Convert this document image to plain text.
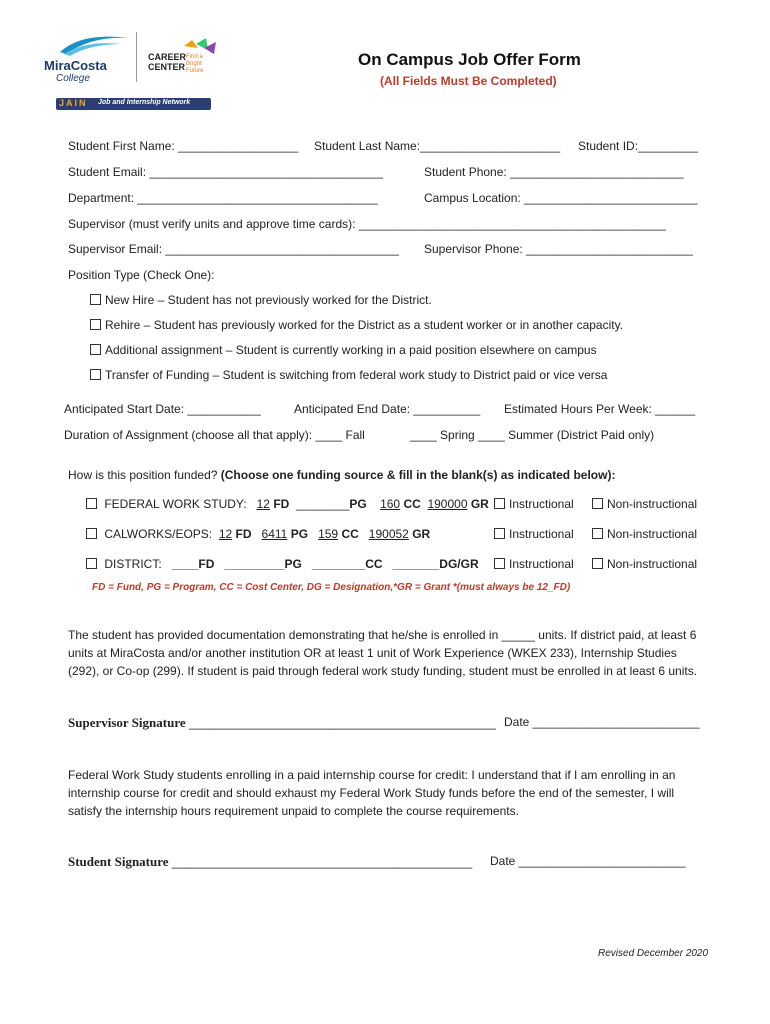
MiraCosta
College
CAREER
CENTER
Find a
Bright
Future
JAIN Job and Internship Network
On Campus Job Offer Form
(All Fields Must Be Completed)
Student First Name: __________________ Student Last Name:_____________________ Student ID:_________
Student Email: ___________________________________	Student Phone: __________________________
Department: ____________________________________	Campus Location: __________________________
Supervisor (must verify units and approve time cards): ______________________________________________
Supervisor Email: ___________________________________ Supervisor Phone: _________________________
Position Type (Check One):
New Hire – Student has not previously worked for the District.
Rehire – Student has previously worked for the District as a student worker or in another capacity.
Additional assignment – Student is currently working in a paid position elsewhere on campus
Transfer of Funding – Student is switching from federal work study to District paid or vice versa
Anticipated Start Date: ___________	Anticipated End Date: __________ Estimated Hours Per Week: ______
Duration of Assignment (choose all that apply): ____ Fall	____ Spring ____ Summer (District Paid only)
How is this position funded? (Choose one funding source & fill in the blank(s) as indicated below):
FEDERAL WORK STUDY: 12 FD ________PG 160 CC 190000 GR	Instructional	Non-instructional
CALWORKS/EOPS: 12 FD 6411 PG 159 CC 190052 GR	Instructional	Non-instructional
DISTRICT: ____FD _________PG ________CC _______DG/GR	Instructional	Non-instructional
FD = Fund, PG = Program, CC = Cost Center, DG = Designation,*GR = Grant *(must always be 12_FD)
The student has provided documentation demonstrating that he/she is enrolled in _____ units. If district paid, at least 6 units at MiraCosta and/or another institution OR at least 1 unit of Work Experience (WKEX 233), Internship Studies (292), or Co-op (299). If student is paid through federal work study funding, student must be enrolled in at least 6 units.
Supervisor Signature ______________________________________________ Date _________________________
Federal Work Study students enrolling in a paid internship course for credit: I understand that if I am enrolling in an internship course for credit and should exhaust my Federal Work Study funds before the end of the semester, I will satisfy the internship hours requirement unpaid to complete the course requirements.
Student Signature _____________________________________________ Date _________________________
Revised December 2020
